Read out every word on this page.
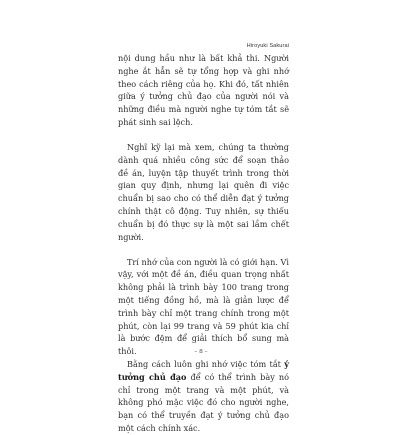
Hiroyuki Sakurai

nội dung hầu như là bất khả thi. Người nghe ắt hẳn sẽ tự tổng hợp và ghi nhớ theo cách riêng của họ. Khi đó, tất nhiên giữa ý tưởng chủ đạo của người nói và những điều mà người nghe tự tóm tắt sẽ phát sinh sai lệch.

Nghĩ kỹ lại mà xem, chúng ta thường dành quá nhiều công sức để soạn thảo đề án, luyện tập thuyết trình trong thời gian quy định, nhưng lại quên đi việc chuẩn bị sao cho có thể diễn đạt ý tưởng chính thật cô động. Tuy nhiên, sự thiếu chuẩn bị đó thực sự là một sai lầm chết người.

Trí nhớ của con người là có giới hạn. Vì vậy, với một đề án, điều quan trọng nhất không phải là trình bày 100 trang trong một tiếng đồng hồ, mà là giản lược để trình bày chỉ một trang chính trong một phút, còn lại 99 trang và 59 phút kia chỉ là bước đệm để giải thích bổ sung mà thôi.

Bằng cách luôn ghi nhớ việc tóm tắt ý tưởng chủ đạo để có thể trình bày nó chỉ trong một trang và một phút, và không phó mặc việc đó cho người nghe, bạn có thể truyền đạt ý tưởng chủ đạo một cách chính xác.

– 8 –
